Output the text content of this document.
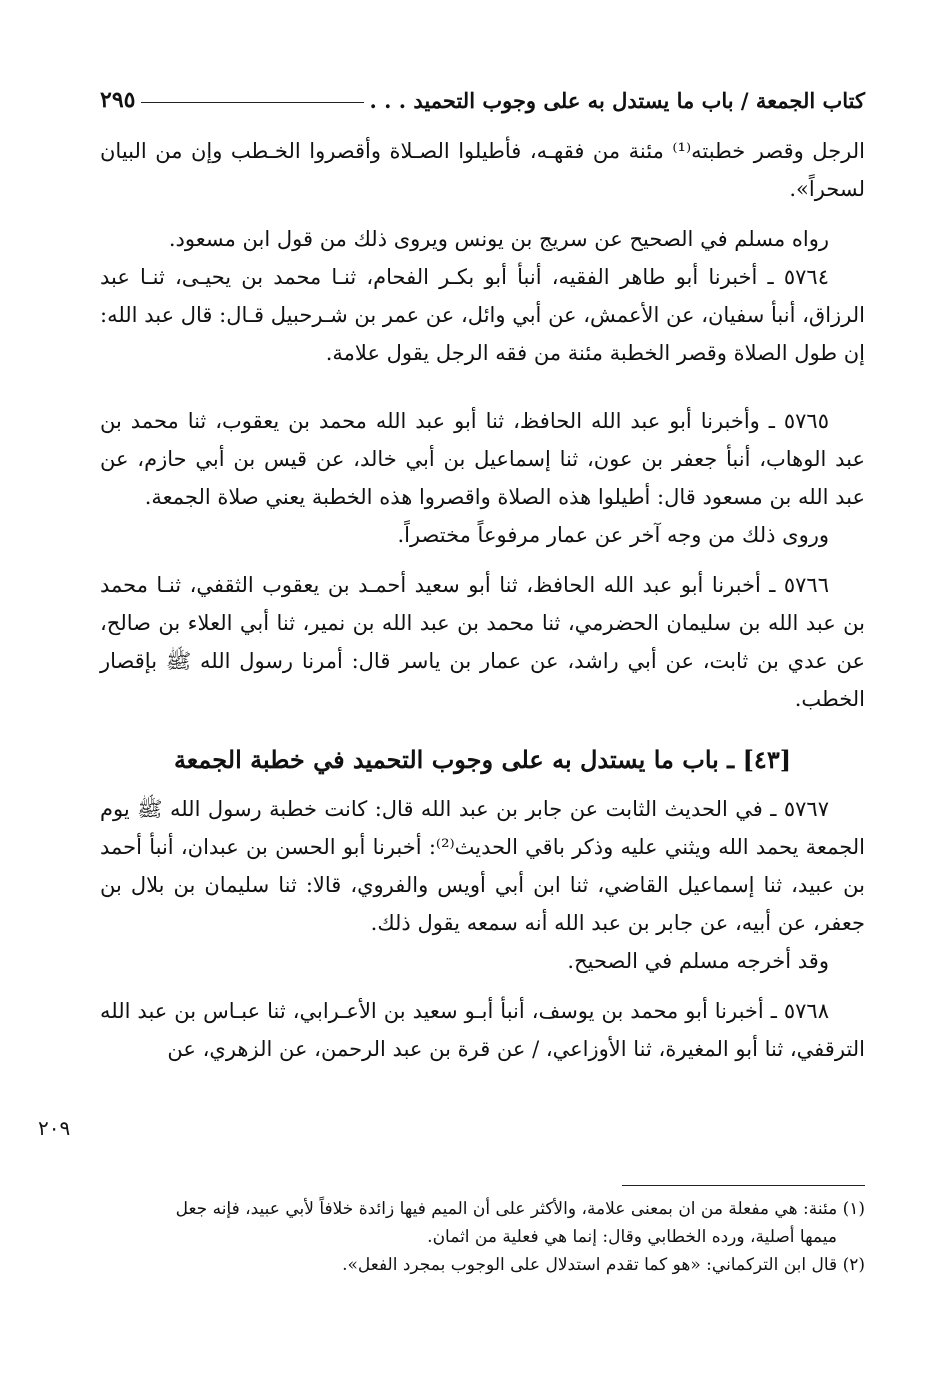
كتاب الجمعة / باب ما يستدل به على وجوب التحميد . . .
٢٩٥

الرجل وقصر خطبته⁽¹⁾ مئنة من فقهـه، فأطيلوا الصـلاة وأقصروا الخـطب وإن من البيان لسحراً».

رواه مسلم في الصحيح عن سريج بن يونس ويروى ذلك من قول ابن مسعود.

٥٧٦٤ ـ أخبرنا أبو طاهر الفقيه، أنبأ أبو بكـر الفحام، ثنـا محمد بن يحيـى، ثنـا عبد الرزاق، أنبأ سفيان، عن الأعمش، عن أبي وائل، عن عمر بن شـرحبيل قـال: قال عبد الله: إن طول الصلاة وقصر الخطبة مئنة من فقه الرجل يقول علامة.

٥٧٦٥ ـ وأخبرنا أبو عبد الله الحافظ، ثنا أبو عبد الله محمد بن يعقوب، ثنا محمد بن عبد الوهاب، أنبأ جعفر بن عون، ثنا إسماعيل بن أبي خالد، عن قيس بن أبي حازم، عن عبد الله بن مسعود قال: أطيلوا هذه الصلاة واقصروا هذه الخطبة يعني صلاة الجمعة.

وروى ذلك من وجه آخر عن عمار مرفوعاً مختصراً.

٥٧٦٦ ـ أخبرنا أبو عبد الله الحافظ، ثنا أبو سعيد أحمـد بن يعقوب الثقفي، ثنـا محمد بن عبد الله بن سليمان الحضرمي، ثنا محمد بن عبد الله بن نمير، ثنا أبي العلاء بن صالح، عن عدي بن ثابت، عن أبي راشد، عن عمار بن ياسر قال: أمرنا رسول الله ﷺ بإقصار الخطب.

[٤٣] ـ باب ما يستدل به على وجوب التحميد في خطبة الجمعة

٥٧٦٧ ـ في الحديث الثابت عن جابر بن عبد الله قال: كانت خطبة رسول الله ﷺ يوم الجمعة يحمد الله ويثني عليه وذكر باقي الحديث⁽²⁾: أخبرنا أبو الحسن بن عبدان، أنبأ أحمد بن عبيد، ثنا إسماعيل القاضي، ثنا ابن أبي أويس والفروي، قالا: ثنا سليمان بن بلال بن جعفر، عن أبيه، عن جابر بن عبد الله أنه سمعه يقول ذلك.

وقد أخرجه مسلم في الصحيح.

٥٧٦٨ ـ أخبرنا أبو محمد بن يوسف، أنبأ أبـو سعيد بن الأعـرابي، ثنا عبـاس بن عبد الله الترقفي، ثنا أبو المغيرة، ثنا الأوزاعي، / عن قرة بن عبد الرحمن، عن الزهري، عن

٢٠٩

(١) مئنة: هي مفعلة من ان بمعنى علامة، والأكثر على أن الميم فيها زائدة خلافاً لأبي عبيد، فإنه جعل

ميمها أصلية، ورده الخطابي وقال: إنما هي فعلية من اثمان.

(٢) قال ابن التركماني: «هو كما تقدم استدلال على الوجوب بمجرد الفعل».
